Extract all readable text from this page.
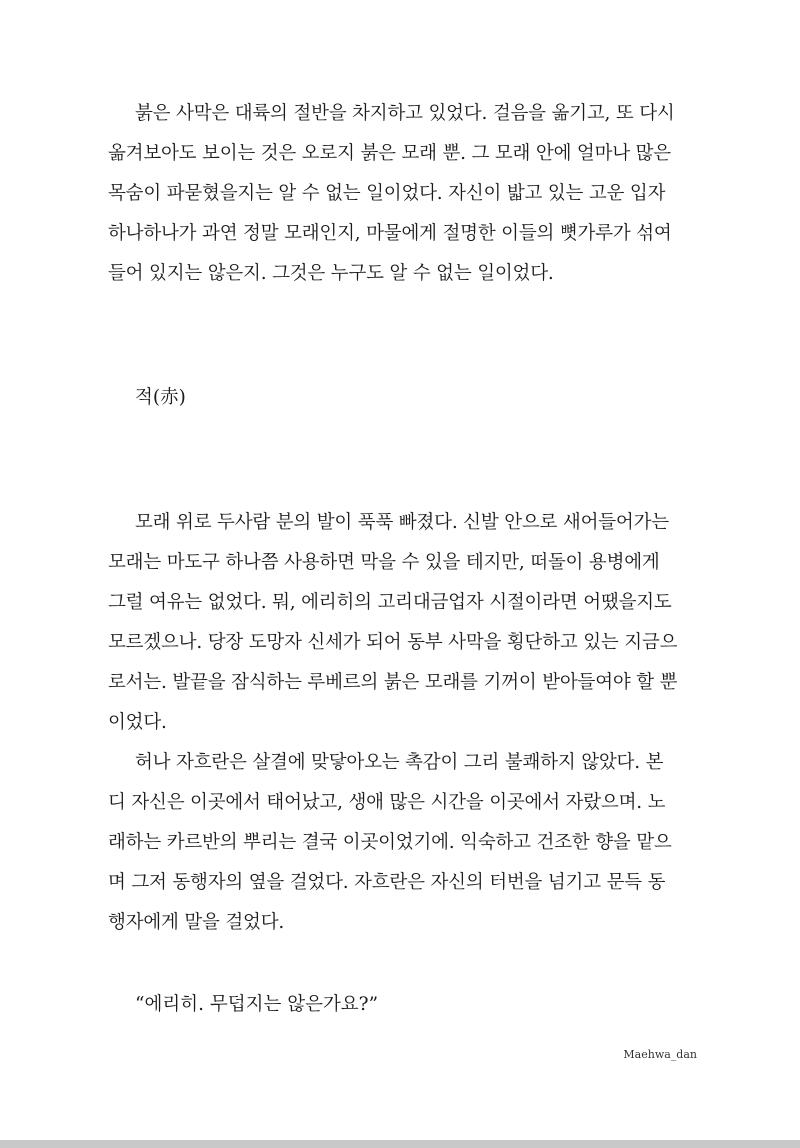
붉은 사막은 대륙의 절반을 차지하고 있었다. 걸음을 옮기고, 또 다시
옮겨보아도 보이는 것은 오로지 붉은 모래 뿐. 그 모래 안에 얼마나 많은
목숨이 파묻혔을지는 알 수 없는 일이었다. 자신이 밟고 있는 고운 입자
하나하나가 과연 정말 모래인지, 마물에게 절명한 이들의 뼛가루가 섞여
들어 있지는 않은지. 그것은 누구도 알 수 없는 일이었다.
적(赤)
모래 위로 두사람 분의 발이 푹푹 빠졌다. 신발 안으로 새어들어가는
모래는 마도구 하나쯤 사용하면 막을 수 있을 테지만, 떠돌이 용병에게
그럴 여유는 없었다. 뭐, 에리히의 고리대금업자 시절이라면 어땠을지도
모르겠으나. 당장 도망자 신세가 되어 동부 사막을 횡단하고 있는 지금으
로서는. 발끝을 잠식하는 루베르의 붉은 모래를 기꺼이 받아들여야 할 뿐
이었다.
허나 자흐란은 살결에 맞닿아오는 촉감이 그리 불쾌하지 않았다. 본
디 자신은 이곳에서 태어났고, 생애 많은 시간을 이곳에서 자랐으며. 노
래하는 카르반의 뿌리는 결국 이곳이었기에. 익숙하고 건조한 향을 맡으
며 그저 동행자의 옆을 걸었다. 자흐란은 자신의 터번을 넘기고 문득 동
행자에게 말을 걸었다.
“에리히. 무덥지는 않은가요?”
Maehwa_dan
